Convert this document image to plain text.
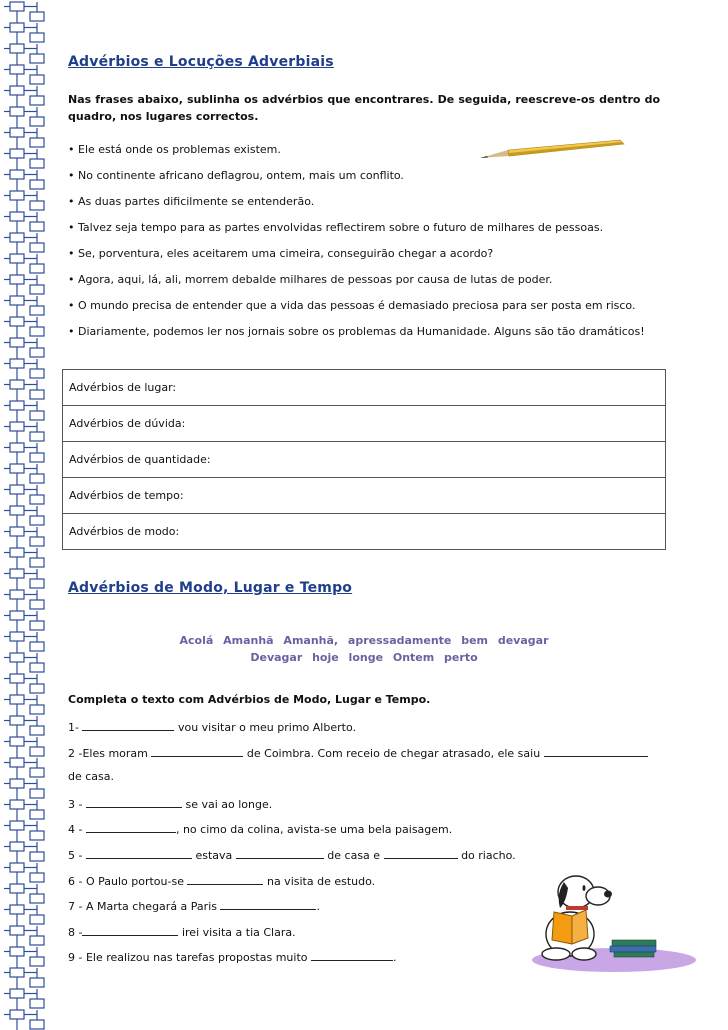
Advérbios e Locuções Adverbiais

Nas frases abaixo, sublinha os advérbios que encontrares. De seguida, reescreve-os dentro do quadro, nos lugares correctos.

• Ele está onde os problemas existem.
• No continente africano deflagrou, ontem, mais um conflito.
• As duas partes dificilmente se entenderão.
• Talvez seja tempo para as partes envolvidas reflectirem sobre o futuro de milhares de pessoas.
• Se, porventura, eles aceitarem uma cimeira, conseguirão chegar a acordo?
• Agora, aqui, lá, ali, morrem debalde milhares de pessoas por causa de lutas de poder.
• O mundo precisa de entender que a vida das pessoas é demasiado preciosa para ser posta em risco.
• Diariamente, podemos ler nos jornais sobre os problemas da Humanidade. Alguns são tão dramáticos!
Advérbios de lugar:
Advérbios de dúvida:
Advérbios de quantidade:
Advérbios de tempo:
Advérbios de modo:
Advérbios de Modo, Lugar e Tempo
Acolá Amanhã Amanhã, apressadamente bem devagar
Devagar hoje longe Ontem perto

Completa o texto com Advérbios de Modo, Lugar e Tempo.

1-	vou visitar o meu primo Alberto.
2 -Eles moram	de Coimbra. Com receio de chegar atrasado, ele saiu
de casa.
3 -	se vai ao longe.
4 -	, no cimo da colina, avista-se uma bela paisagem.
5 -	estava	de casa e	do riacho.
6 - O Paulo portou-se	na visita de estudo.
7 - A Marta chegará a Paris	.
8 -	irei visita a tia Clara.
9 - Ele realizou nas tarefas propostas muito	.
